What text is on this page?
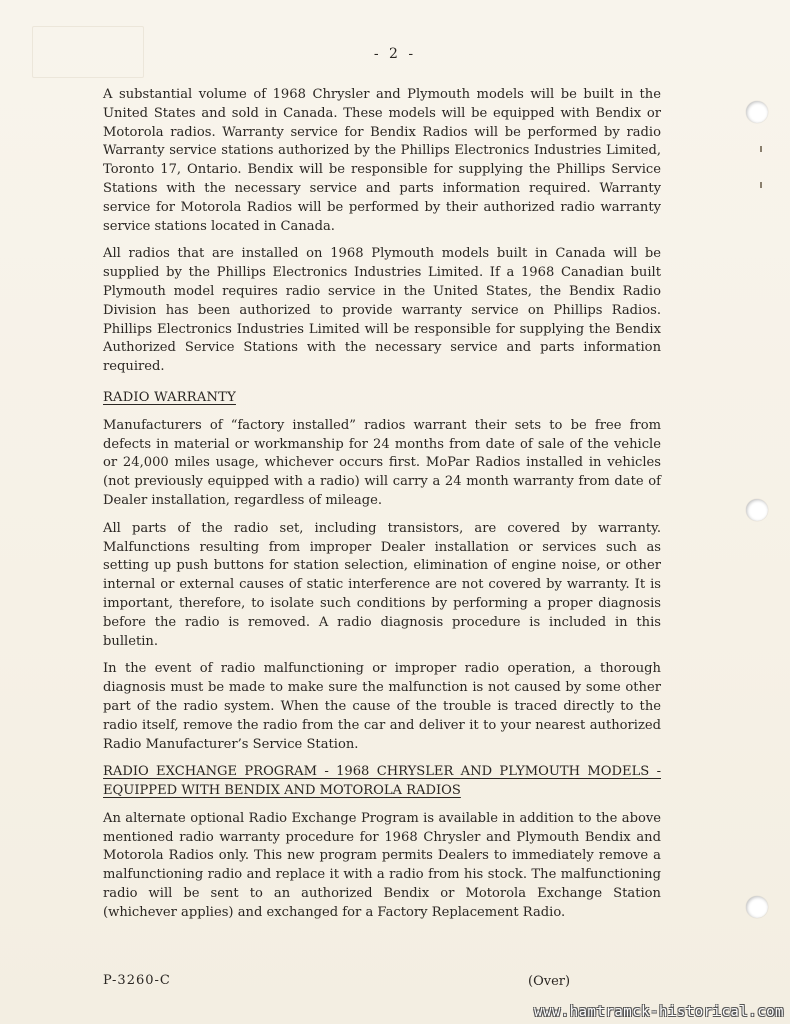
- 2 -

A substantial volume of 1968 Chrysler and Plymouth models will be built in the United States and sold in Canada. These models will be equipped with Bendix or Motorola radios. Warranty service for Bendix Radios will be performed by radio Warranty service stations authorized by the Phillips Electronics Industries Limited, Toronto 17, Ontario. Bendix will be responsible for supplying the Phillips Service Stations with the necessary service and parts information required. Warranty service for Motorola Radios will be performed by their authorized radio warranty service stations located in Canada.

All radios that are installed on 1968 Plymouth models built in Canada will be supplied by the Phillips Electronics Industries Limited. If a 1968 Canadian built Plymouth model requires radio service in the United States, the Bendix Radio Division has been authorized to provide warranty service on Phillips Radios. Phillips Electronics Industries Limited will be responsible for supplying the Bendix Authorized Service Stations with the necessary service and parts information required.

RADIO WARRANTY

Manufacturers of “factory installed” radios warrant their sets to be free from defects in material or workmanship for 24 months from date of sale of the vehicle or 24,000 miles usage, whichever occurs first. MoPar Radios installed in vehicles (not previously equipped with a radio) will carry a 24 month warranty from date of Dealer installation, regardless of mileage.

All parts of the radio set, including transistors, are covered by warranty. Malfunctions resulting from improper Dealer installation or services such as setting up push buttons for station selection, elimination of engine noise, or other internal or external causes of static interference are not covered by warranty. It is important, therefore, to isolate such conditions by performing a proper diagnosis before the radio is removed. A radio diagnosis procedure is included in this bulletin.

In the event of radio malfunctioning or improper radio operation, a thorough diagnosis must be made to make sure the malfunction is not caused by some other part of the radio system. When the cause of the trouble is traced directly to the radio itself, remove the radio from the car and deliver it to your nearest authorized Radio Manufacturer’s Service Station.

RADIO EXCHANGE PROGRAM - 1968 CHRYSLER AND PLYMOUTH MODELS - EQUIPPED WITH BENDIX AND MOTOROLA RADIOS

An alternate optional Radio Exchange Program is available in addition to the above mentioned radio warranty procedure for 1968 Chrysler and Plymouth Bendix and Motorola Radios only. This new program permits Dealers to immediately remove a malfunctioning radio and replace it with a radio from his stock. The malfunctioning radio will be sent to an authorized Bendix or Motorola Exchange Station (whichever applies) and exchanged for a Factory Replacement Radio.

P-3260-C	(Over)
www.hamtramck-historical.com
